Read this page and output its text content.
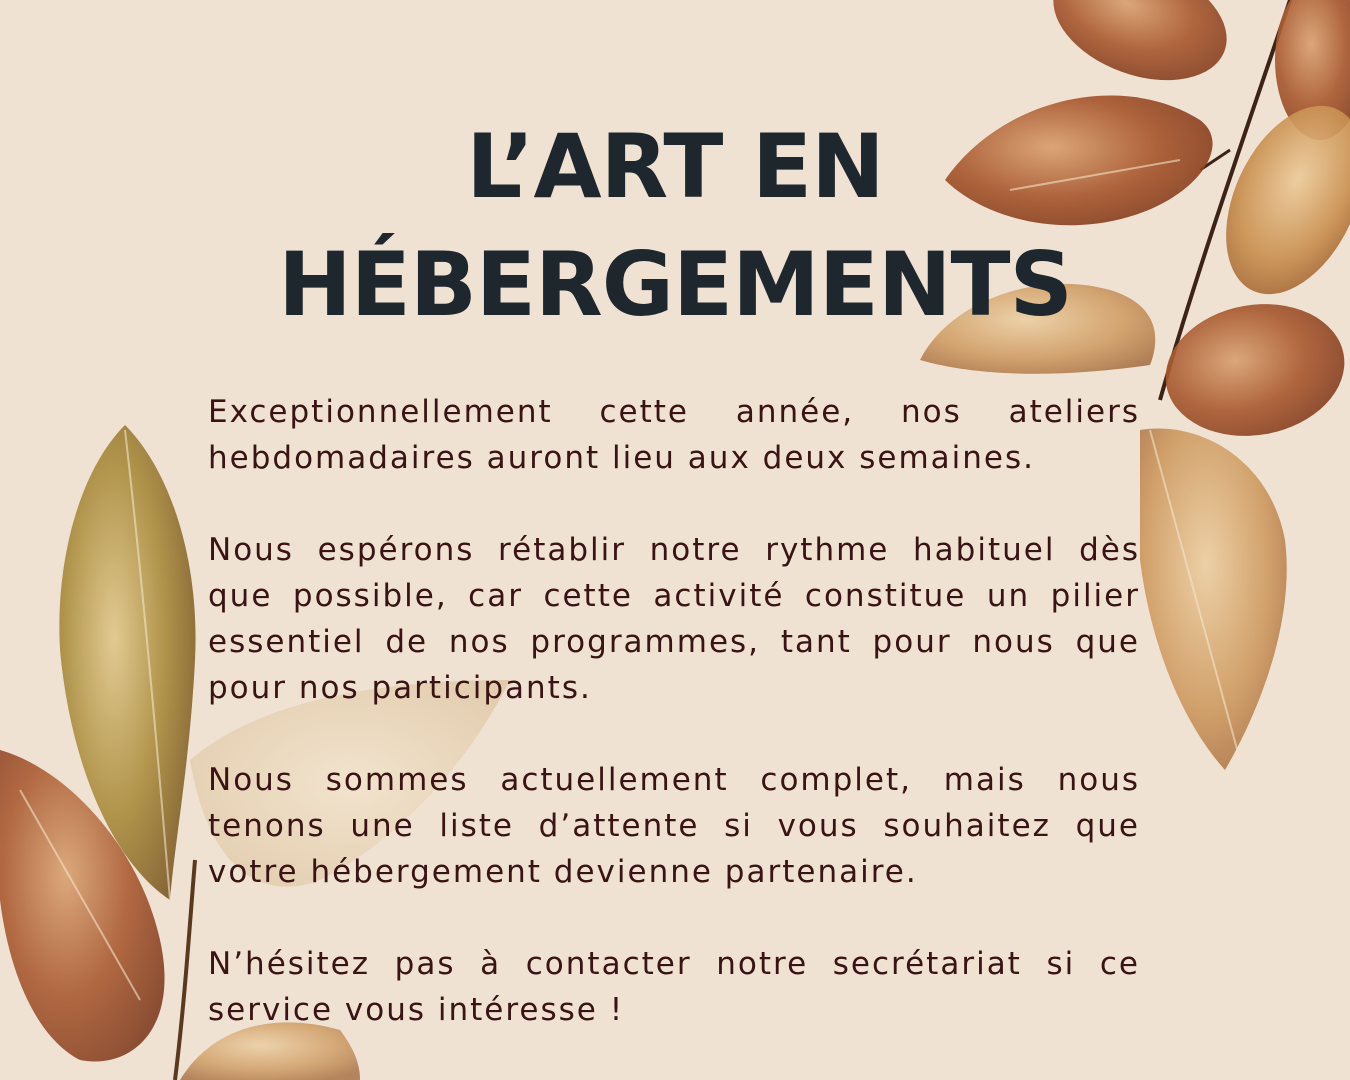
L’ART EN
HÉBERGEMENTS

Exceptionnellement cette année, nos ateliers hebdomadaires auront lieu aux deux semaines.

Nous espérons rétablir notre rythme habituel dès que possible, car cette activité constitue un pilier essentiel de nos programmes, tant pour nous que pour nos participants.

Nous sommes actuellement complet, mais nous tenons une liste d’attente si vous souhaitez que votre hébergement devienne partenaire.

N’hésitez pas à contacter notre secrétariat si ce service vous intéresse !
